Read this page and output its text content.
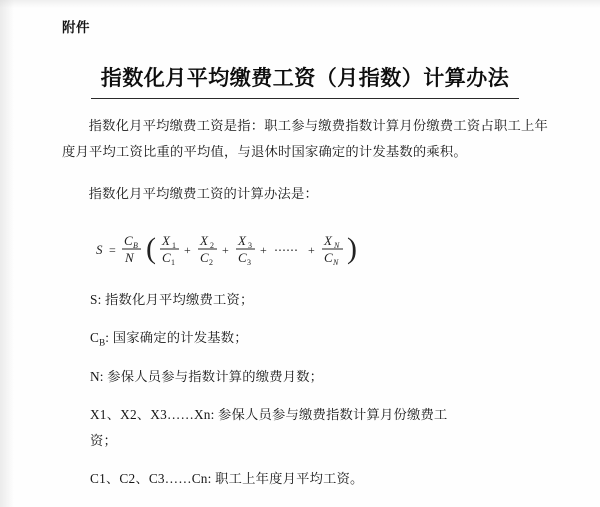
附件
指数化月平均缴费工资（月指数）计算办法

指数化月平均缴费工资是指：职工参与缴费指数计算月份缴费工资占职工上年度月平均工资比重的平均值，与退休时国家确定的计发基数的乘积。

指数化月平均缴费工资的计算办法是：

S =
C B
N ( X 1
C 1
+
X 2
C 2
+
X 3
C 3
+ ⋯⋯ +
X N
C N )

S: 指数化月平均缴费工资；

$C_B$: 国家确定的计发基数；

N: 参保人员参与指数计算的缴费月数；

X1、X2、X3……Xn: 参保人员参与缴费指数计算月份缴费工
资；

C1、C2、C3……Cn: 职工上年度月平均工资。
